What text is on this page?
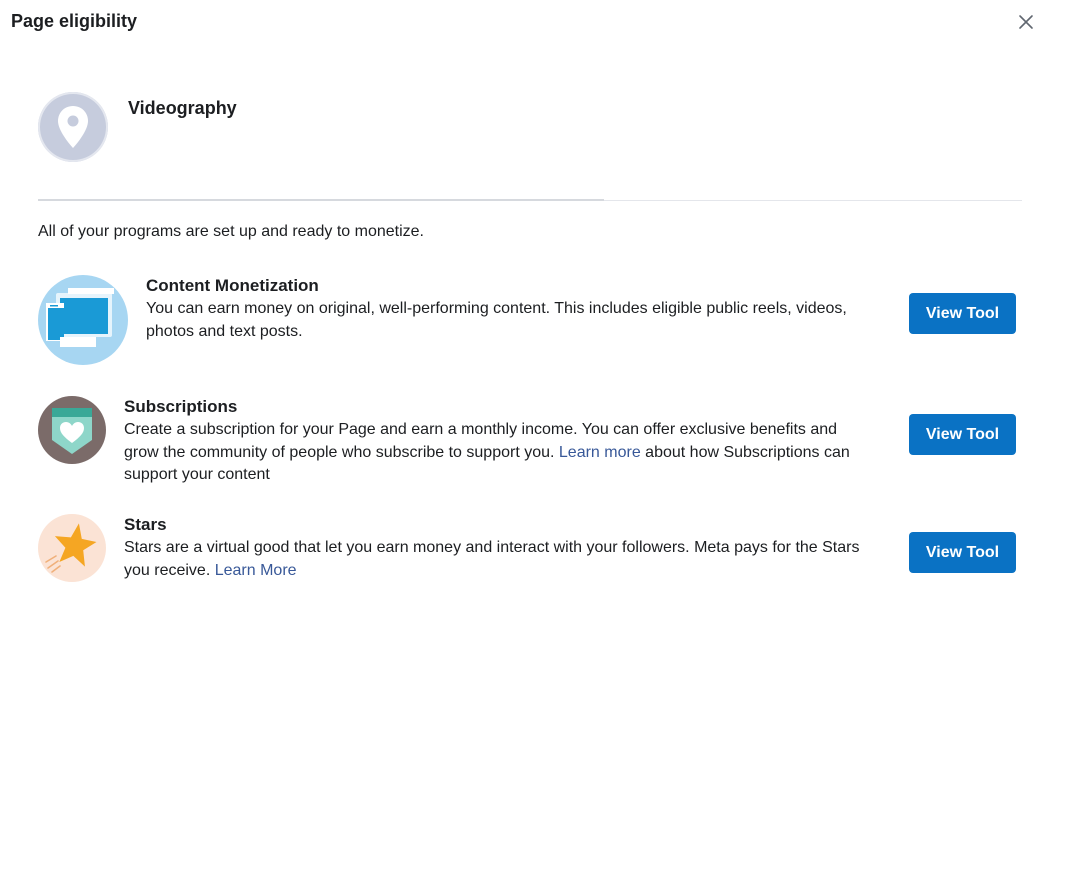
Page eligibility
Videography
All of your programs are set up and ready to monetize.
Content Monetization
You can earn money on original, well-performing content. This includes eligible public reels, videos, photos and text posts.
View Tool
Subscriptions
Create a subscription for your Page and earn a monthly income. You can offer exclusive benefits and grow the community of people who subscribe to support you. Learn more about how Subscriptions can support your content
View Tool
Stars
Stars are a virtual good that let you earn money and interact with your followers. Meta pays for the Stars you receive. Learn More
View Tool
